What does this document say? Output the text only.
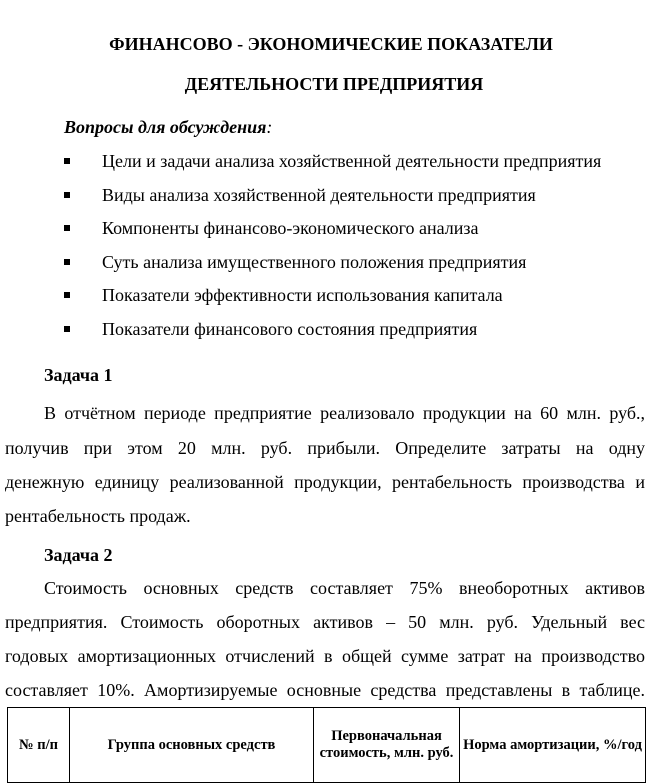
ФИНАНСОВО - ЭКОНОМИЧЕСКИЕ ПОКАЗАТЕЛИ
ДЕЯТЕЛЬНОСТИ ПРЕДПРИЯТИЯ
Вопросы для обсуждения:
Цели и задачи анализа хозяйственной деятельности предприятия
Виды анализа хозяйственной деятельности предприятия
Компоненты финансово-экономического анализа
Суть анализа имущественного положения предприятия
Показатели эффективности использования капитала
Показатели финансового состояния предприятия
Задача 1
В отчётном периоде предприятие реализовало продукции на 60 млн. руб.,
получив при этом 20 млн. руб. прибыли. Определите затраты на одну
денежную единицу реализованной продукции, рентабельность производства и
рентабельность продаж.
Задача 2
Стоимость основных средств составляет 75% внеоборотных активов
предприятия. Стоимость оборотных активов – 50 млн. руб. Удельный вес
годовых амортизационных отчислений в общей сумме затрат на производство
составляет 10%. Амортизируемые основные средства представлены в таблице.
№ п/п	Группа основных средств	Первоначальная стоимость, млн. руб.	Норма амортизации, %/год
